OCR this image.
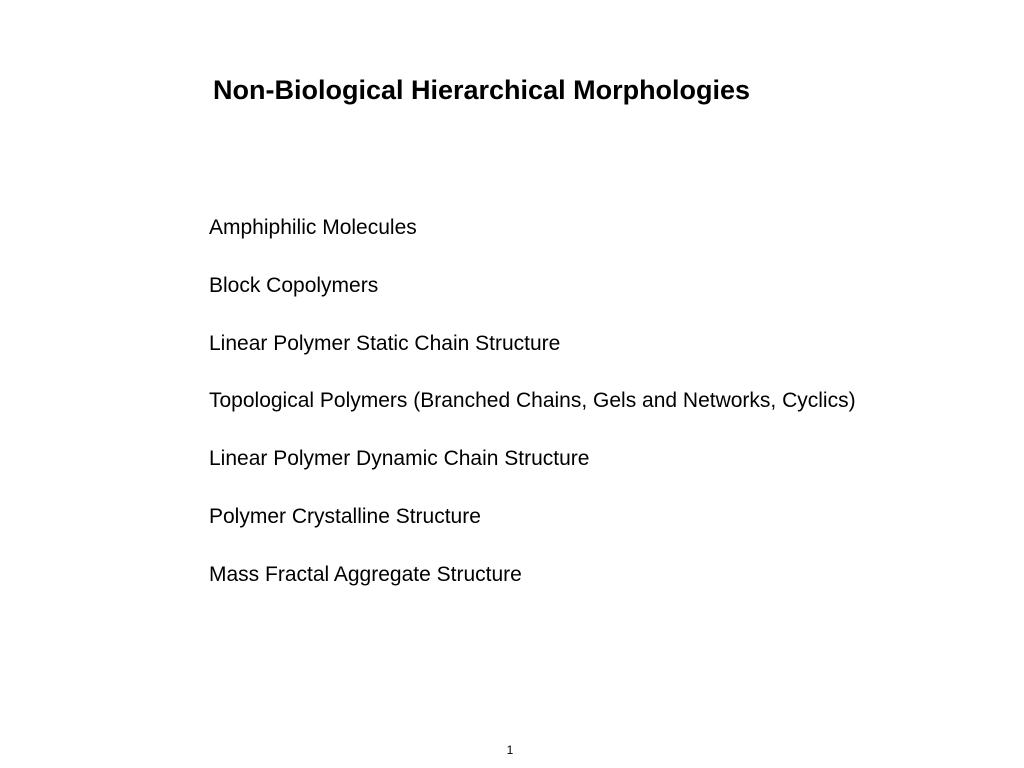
Non-Biological Hierarchical Morphologies
Amphiphilic Molecules
Block Copolymers
Linear Polymer Static Chain Structure
Topological Polymers (Branched Chains, Gels and Networks, Cyclics)
Linear Polymer Dynamic Chain Structure
Polymer Crystalline Structure
Mass Fractal Aggregate Structure
1
